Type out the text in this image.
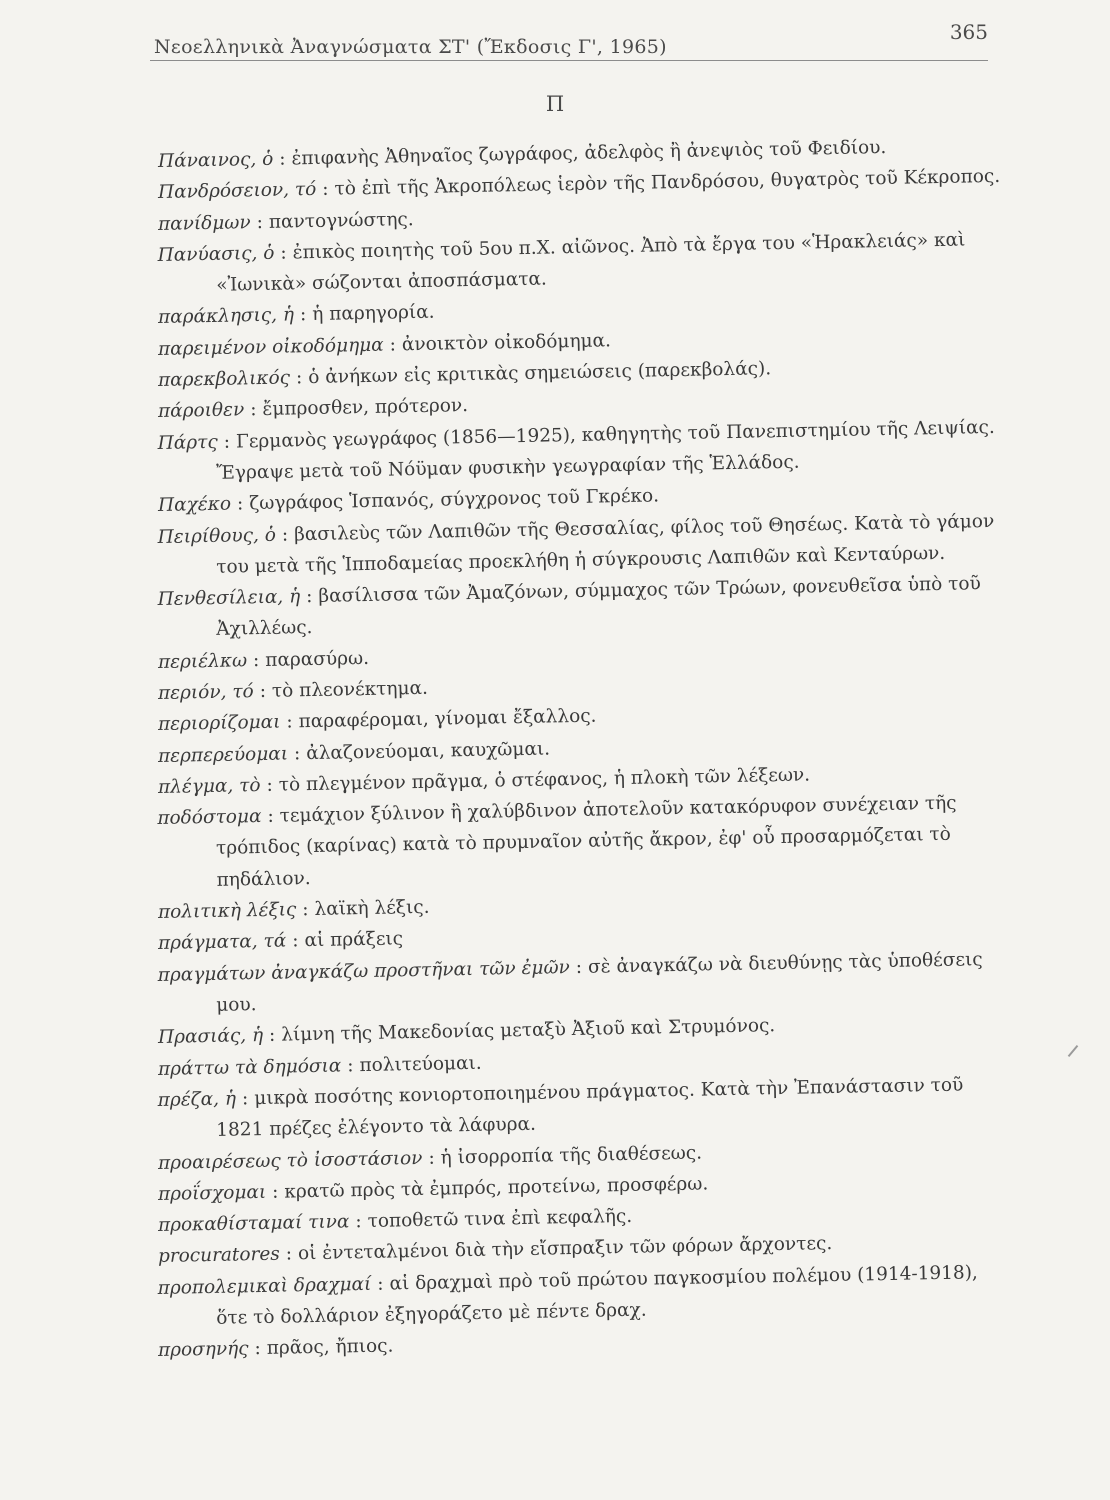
Νεοελληνικὰ Ἀναγνώσματα ΣΤ' (Ἔκδοσις Γ', 1965)
365
Π

Πάναινος, ὁ : ἐπιφανὴς Ἀθηναῖος ζωγράφος, ἀδελφὸς ἢ ἀνεψιὸς τοῦ Φειδίου.

Πανδρόσειον, τό : τὸ ἐπὶ τῆς Ἀκροπόλεως ἱερὸν τῆς Πανδρόσου, θυγατρὸς τοῦ Κέκροπος.

πανίδμων : παντογνώστης.

Πανύασις, ὁ : ἐπικὸς ποιητὴς τοῦ 5ου π.Χ. αἰῶνος. Ἀπὸ τὰ ἔργα του «Ἡρακλειάς» καὶ «Ἰωνικὰ» σώζονται ἀποσπάσματα.

παράκλησις, ἡ : ἡ παρηγορία.

παρειμένον οἰκοδόμημα : ἀνοικτὸν οἰκοδόμημα.

παρεκβολικός : ὁ ἀνήκων εἰς κριτικὰς σημειώσεις (παρεκβολάς).

πάροιθεν : ἔμπροσθεν, πρότερον.

Πάρτς : Γερμανὸς γεωγράφος (1856—1925), καθηγητὴς τοῦ Πανεπιστημίου τῆς Λειψίας. Ἔγραψε μετὰ τοῦ Νόϋμαν φυσικὴν γεωγραφίαν τῆς Ἑλλάδος.

Παχέκο : ζωγράφος Ἱσπανός, σύγχρονος τοῦ Γκρέκο.

Πειρίθους, ὁ : βασιλεὺς τῶν Λαπιθῶν τῆς Θεσσαλίας, φίλος τοῦ Θησέως. Κατὰ τὸ γάμον του μετὰ τῆς Ἱπποδαμείας προεκλήθη ἡ σύγκρουσις Λαπιθῶν καὶ Κενταύρων.

Πενθεσίλεια, ἡ : βασίλισσα τῶν Ἀμαζόνων, σύμμαχος τῶν Τρώων, φονευθεῖσα ὑπὸ τοῦ Ἀχιλλέως.

περιέλκω : παρασύρω.

περιόν, τό : τὸ πλεονέκτημα.

περιορίζομαι : παραφέρομαι, γίνομαι ἔξαλλος.

περπερεύομαι : ἀλαζονεύομαι, καυχῶμαι.

πλέγμα, τὸ : τὸ πλεγμένον πρᾶγμα, ὁ στέφανος, ἡ πλοκὴ τῶν λέξεων.

ποδόστομα : τεμάχιον ξύλινον ἢ χαλύβδινον ἀποτελοῦν κατακόρυφον συνέχειαν τῆς τρόπιδος (καρίνας) κατὰ τὸ πρυμναῖον αὐτῆς ἄκρον, ἐφ' οὗ προσαρμόζεται τὸ πηδάλιον.

πολιτικὴ λέξις : λαϊκὴ λέξις.

πράγματα, τά : αἱ πράξεις

πραγμάτων ἀναγκάζω προστῆναι τῶν ἐμῶν : σὲ ἀναγκάζω νὰ διευθύνῃς τὰς ὑποθέσεις μου.

Πρασιάς, ἡ : λίμνη τῆς Μακεδονίας μεταξὺ Ἀξιοῦ καὶ Στρυμόνος.

πράττω τὰ δημόσια : πολιτεύομαι.

πρέζα, ἡ : μικρὰ ποσότης κονιορτοποιημένου πράγματος. Κατὰ τὴν Ἐπανάστασιν τοῦ 1821 πρέζες ἐλέγοντο τὰ λάφυρα.

προαιρέσεως τὸ ἰσοστάσιον : ἡ ἰσορροπία τῆς διαθέσεως.

προΐσχομαι : κρατῶ πρὸς τὰ ἐμπρός, προτείνω, προσφέρω.

προκαθίσταμαί τινα : τοποθετῶ τινα ἐπὶ κεφαλῆς.

procuratores : οἱ ἐντεταλμένοι διὰ τὴν εἴσπραξιν τῶν φόρων ἄρχοντες.

προπολεμικαὶ δραχμαί : αἱ δραχμαὶ πρὸ τοῦ πρώτου παγκοσμίου πολέμου (1914-1918), ὅτε τὸ δολλάριον ἐξηγοράζετο μὲ πέντε δραχ.

προσηνής : πρᾶος, ἤπιος.
